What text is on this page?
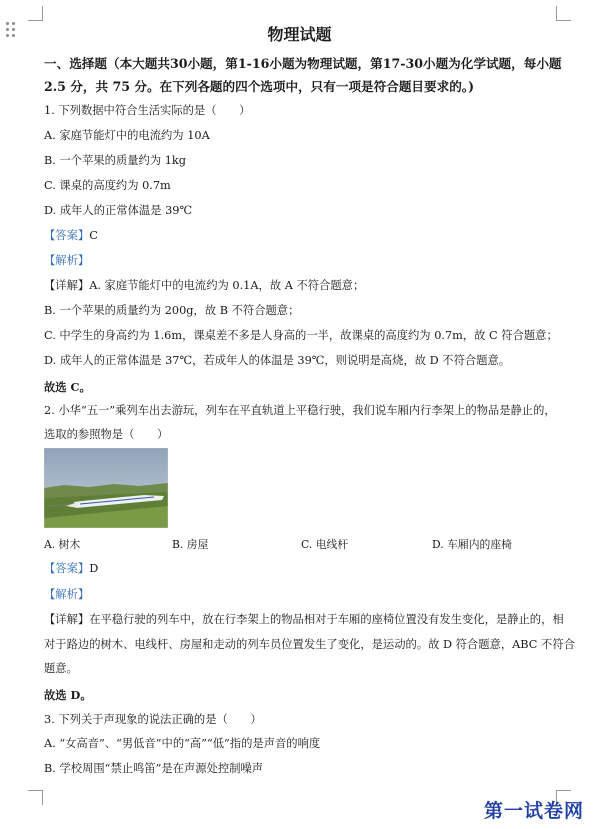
物理试题
一、选择题（本大题共30小题，第1-16小题为物理试题，第17-30小题为化学试题，每小题
2.5 分，共 75 分。在下列各题的四个选项中，只有一项是符合题目要求的。)
1. 下列数据中符合生活实际的是（　　）
A. 家庭节能灯中的电流约为 10A
B. 一个苹果的质量约为 1kg
C. 课桌的高度约为 0.7m
D. 成年人的正常体温是 39℃
【答案】C
【解析】
【详解】A. 家庭节能灯中的电流约为 0.1A，故 A 不符合题意；
B. 一个苹果的质量约为 200g，故 B 不符合题意；
C. 中学生的身高约为 1.6m，课桌差不多是人身高的一半，故课桌的高度约为 0.7m，故 C 符合题意；
D. 成年人的正常体温是 37℃，若成年人的体温是 39℃，则说明是高烧，故 D 不符合题意。
故选 C。
2. 小华“五一”乘列车出去游玩，列车在平直轨道上平稳行驶，我们说车厢内行李架上的物品是静止的，
选取的参照物是（　　）
A. 树木	B. 房屋	C. 电线杆	D. 车厢内的座椅
【答案】D
【解析】
【详解】在平稳行驶的列车中，放在行李架上的物品相对于车厢的座椅位置没有发生变化，是静止的，相
对于路边的树木、电线杆、房屋和走动的列车员位置发生了变化，是运动的。故 D 符合题意，ABC 不符合
题意。
故选 D。
3. 下列关于声现象的说法正确的是（　　）
A. “女高音”、“男低音”中的“高”“低”指的是声音的响度
B. 学校周围“禁止鸣笛”是在声源处控制噪声
第一试卷网
